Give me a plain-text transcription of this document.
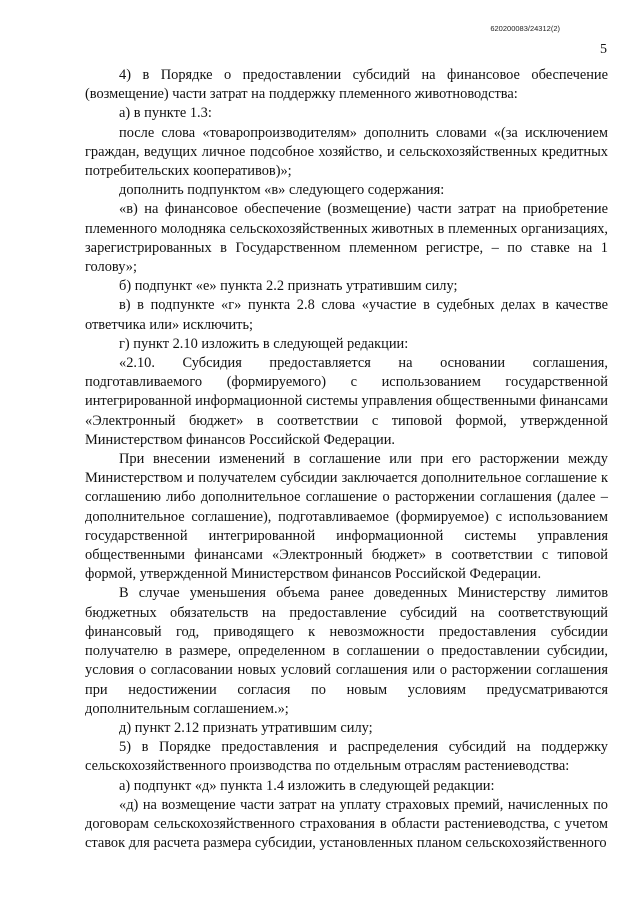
620200083/24312(2)
5

4) в Порядке о предоставлении субсидий на финансовое обеспечение (возмещение) части затрат на поддержку племенного животноводства:

а) в пункте 1.3:

после слова «товаропроизводителям» дополнить словами «(за исключением граждан, ведущих личное подсобное хозяйство, и сельскохозяйственных кредитных потребительских кооперативов)»;

дополнить подпунктом «в» следующего содержания:

«в) на финансовое обеспечение (возмещение) части затрат на приобретение племенного молодняка сельскохозяйственных животных в племенных организациях, зарегистрированных в Государственном племенном регистре, – по ставке на 1 голову»;

б) подпункт «е» пункта 2.2 признать утратившим силу;

в) в подпункте «г» пункта 2.8 слова «участие в судебных делах в качестве ответчика или» исключить;

г) пункт 2.10 изложить в следующей редакции:

«2.10. Субсидия предоставляется на основании соглашения, подготавливаемого (формируемого) с использованием государственной интегрированной информационной системы управления общественными финансами «Электронный бюджет» в соответствии с типовой формой, утвержденной Министерством финансов Российской Федерации.

При внесении изменений в соглашение или при его расторжении между Министерством и получателем субсидии заключается дополнительное соглашение к соглашению либо дополнительное соглашение о расторжении соглашения (далее – дополнительное соглашение), подготавливаемое (формируемое) с использованием государственной интегрированной информационной системы управления общественными финансами «Электронный бюджет» в соответствии с типовой формой, утвержденной Министерством финансов Российской Федерации.

В случае уменьшения объема ранее доведенных Министерству лимитов бюджетных обязательств на предоставление субсидий на соответствующий финансовый год, приводящего к невозможности предоставления субсидии получателю в размере, определенном в соглашении о предоставлении субсидии, условия о согласовании новых условий соглашения или о расторжении соглашения при недостижении согласия по новым условиям предусматриваются дополнительным соглашением.»;

д) пункт 2.12 признать утратившим силу;

5) в Порядке предоставления и распределения субсидий на поддержку сельскохозяйственного производства по отдельным отраслям растениеводства:

а) подпункт «д» пункта 1.4 изложить в следующей редакции:

«д) на возмещение части затрат на уплату страховых премий, начисленных по договорам сельскохозяйственного страхования в области растениеводства, с учетом ставок для расчета размера субсидии, установленных планом сельскохозяйственного
